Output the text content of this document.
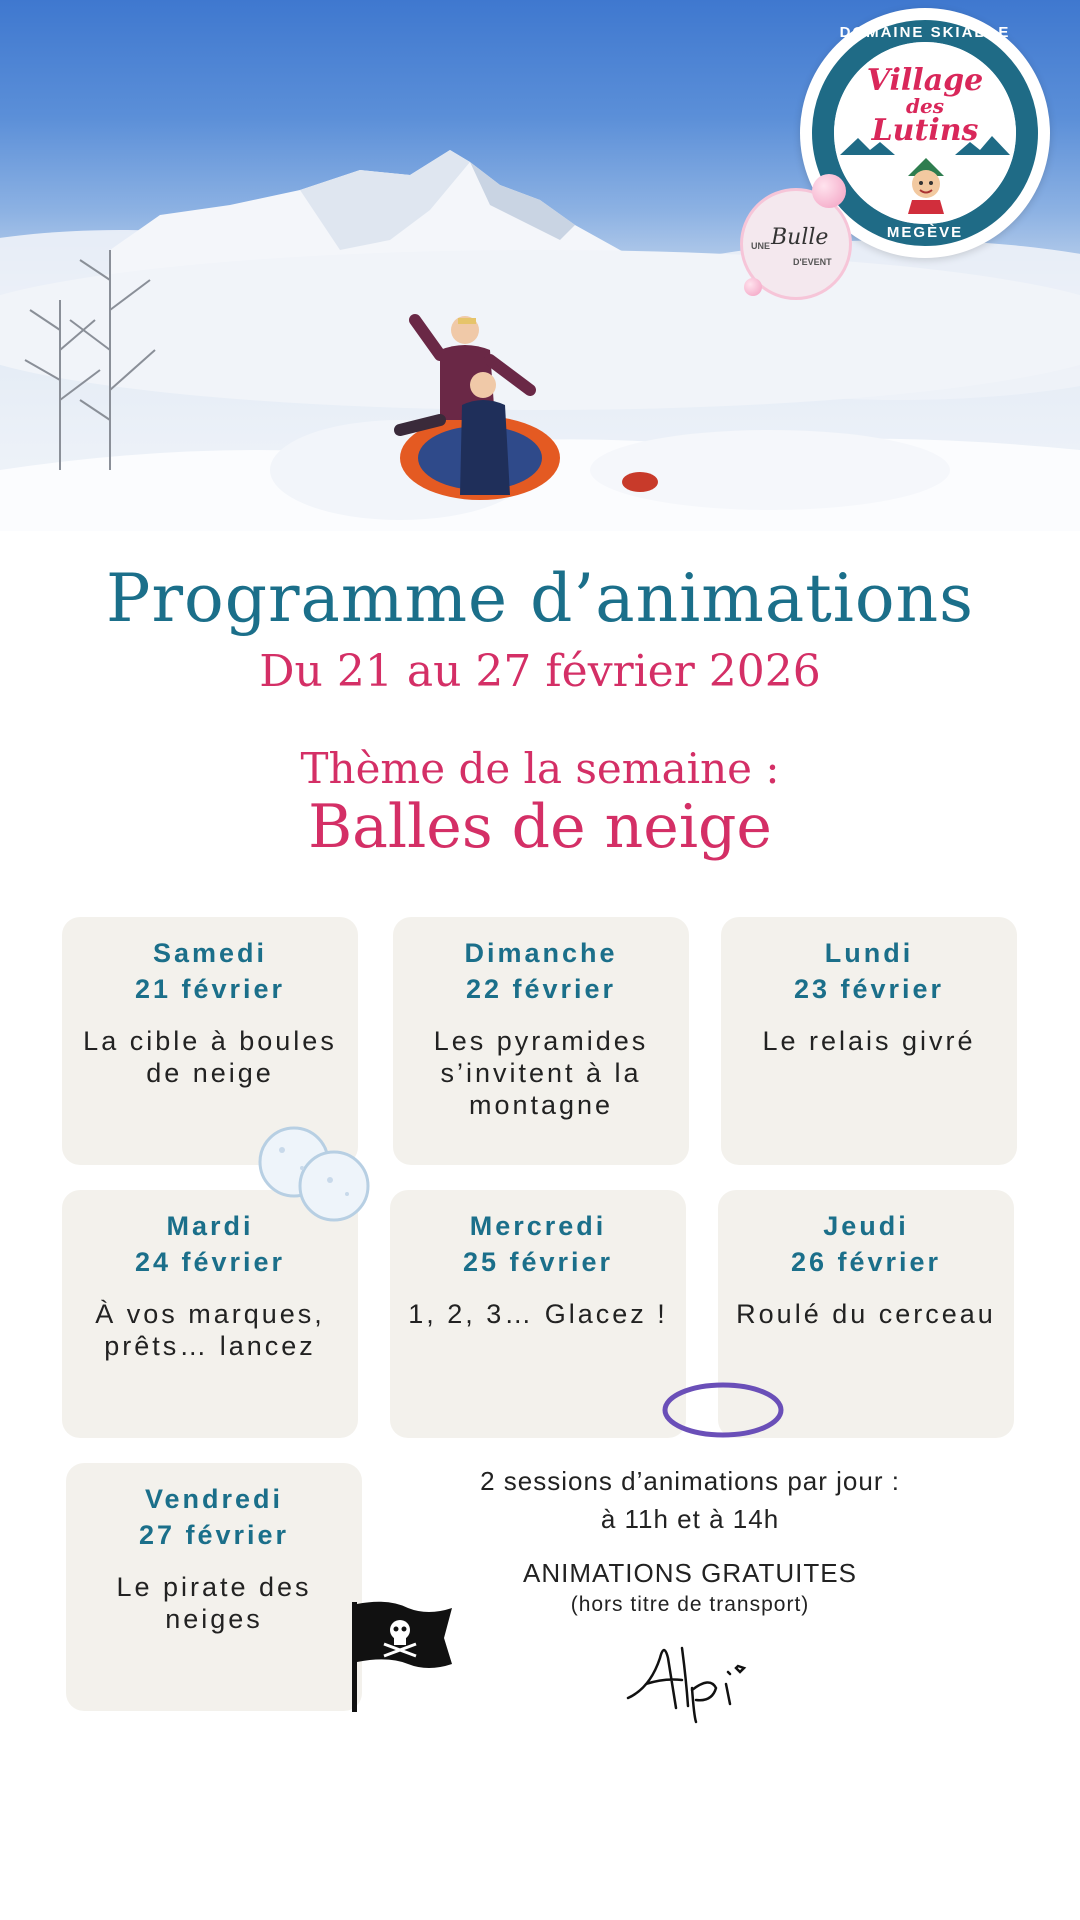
DOMAINE SKIABLE
Village
des
Lutins
MEGÈVE
UNE Bulle
D'EVENT
Programme d’animations
Du 21 au 27 février 2026
Thème de la semaine :
Balles de neige
Samedi
21 février
La cible à boules de neige
Dimanche
22 février
Les pyramides s’invitent à la montagne
Lundi
23 février
Le relais givré
Mardi
24 février
À vos marques, prêts… lancez
Mercredi
25 février
1, 2, 3… Glacez !
Jeudi
26 février
Roulé du cerceau
Vendredi
27 février
Le pirate des neiges
2 sessions d’animations par jour :
à 11h et à 14h
ANIMATIONS GRATUITES
(hors titre de transport)
